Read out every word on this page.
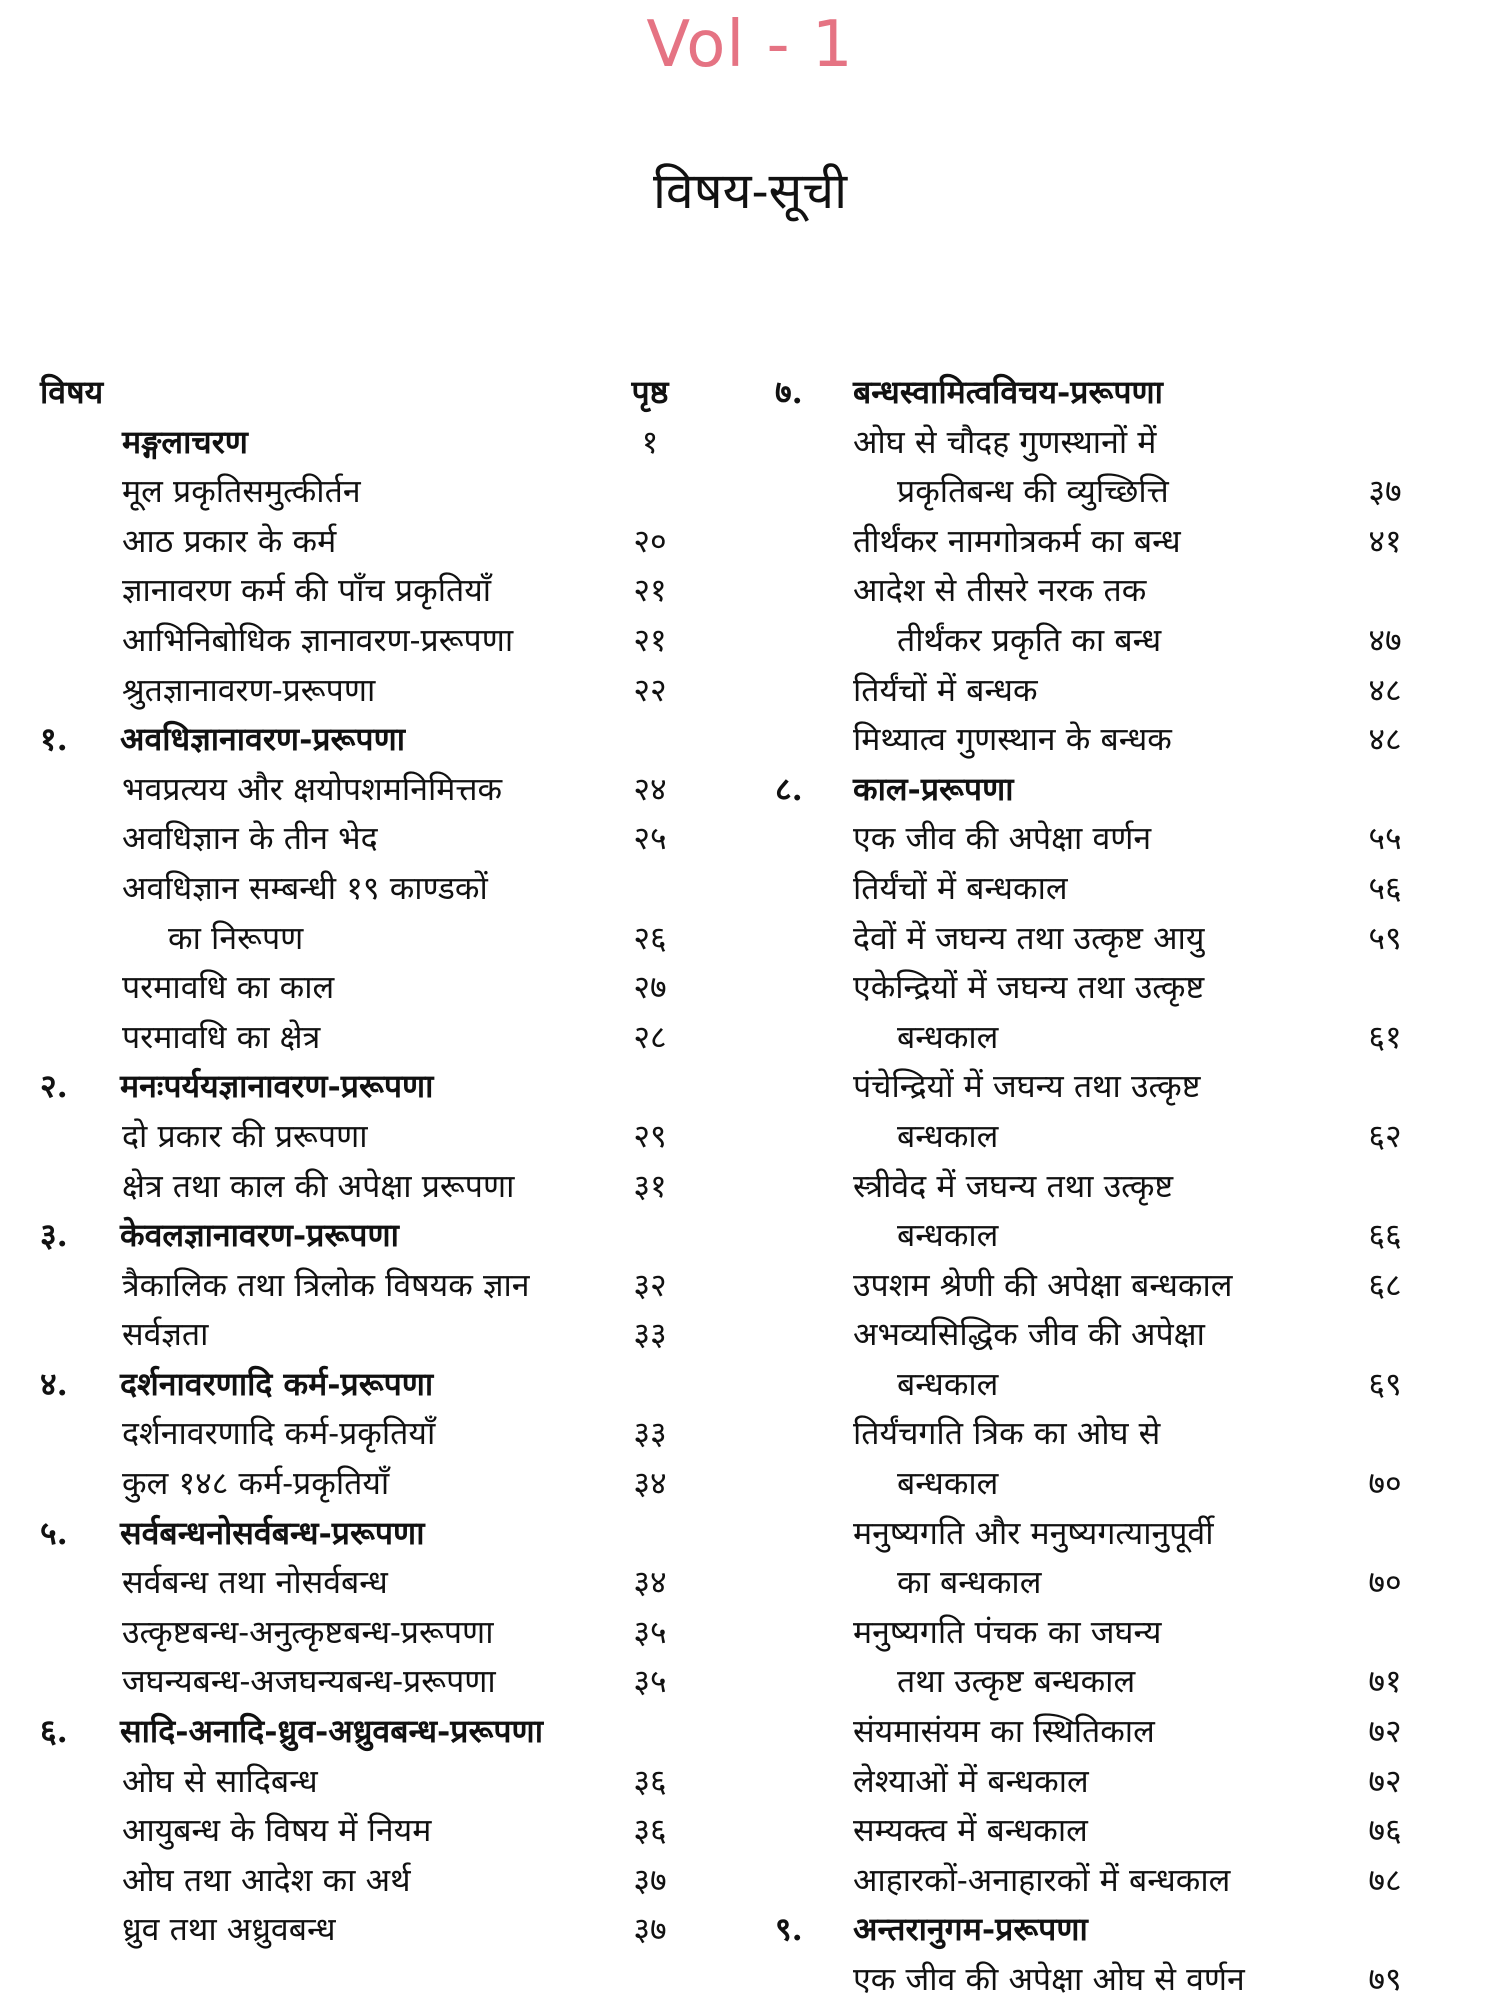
Vol - 1
विषय-सूची
विषय	पृष्ठ
मङ्गलाचरण	१
मूल प्रकृतिसमुत्कीर्तन
आठ प्रकार के कर्म	२०
ज्ञानावरण कर्म की पाँच प्रकृतियाँ	२१
आभिनिबोधिक ज्ञानावरण-प्ररूपणा	२१
श्रुतज्ञानावरण-प्ररूपणा	२२
१. अवधिज्ञानावरण-प्ररूपणा
भवप्रत्यय और क्षयोपशमनिमित्तक	२४
अवधिज्ञान के तीन भेद	२५
अवधिज्ञान सम्बन्धी १९ काण्डकों
का निरूपण	२६
परमावधि का काल	२७
परमावधि का क्षेत्र	२८
२. मनःपर्ययज्ञानावरण-प्ररूपणा
दो प्रकार की प्ररूपणा	२९
क्षेत्र तथा काल की अपेक्षा प्ररूपणा	३१
३. केवलज्ञानावरण-प्ररूपणा
त्रैकालिक तथा त्रिलोक विषयक ज्ञान	३२
सर्वज्ञता	३३
४. दर्शनावरणादि कर्म-प्ररूपणा
दर्शनावरणादि कर्म-प्रकृतियाँ	३३
कुल १४८ कर्म-प्रकृतियाँ	३४
५. सर्वबन्धनोसर्वबन्ध-प्ररूपणा
सर्वबन्ध तथा नोसर्वबन्ध	३४
उत्कृष्टबन्ध-अनुत्कृष्टबन्ध-प्ररूपणा	३५
जघन्यबन्ध-अजघन्यबन्ध-प्ररूपणा	३५
६. सादि-अनादि-ध्रुव-अध्रुवबन्ध-प्ररूपणा
ओघ से सादिबन्ध	३६
आयुबन्ध के विषय में नियम	३६
ओघ तथा आदेश का अर्थ	३७
ध्रुव तथा अध्रुवबन्ध	३७
७. बन्धस्वामित्वविचय-प्ररूपणा
ओघ से चौदह गुणस्थानों में
प्रकृतिबन्ध की व्युच्छित्ति	३७
तीर्थंकर नामगोत्रकर्म का बन्ध	४१
आदेश से तीसरे नरक तक
तीर्थंकर प्रकृति का बन्ध	४७
तिर्यंचों में बन्धक	४८
मिथ्यात्व गुणस्थान के बन्धक	४८
८. काल-प्ररूपणा
एक जीव की अपेक्षा वर्णन	५५
तिर्यंचों में बन्धकाल	५६
देवों में जघन्य तथा उत्कृष्ट आयु	५९
एकेन्द्रियों में जघन्य तथा उत्कृष्ट
बन्धकाल	६१
पंचेन्द्रियों में जघन्य तथा उत्कृष्ट
बन्धकाल	६२
स्त्रीवेद में जघन्य तथा उत्कृष्ट
बन्धकाल	६६
उपशम श्रेणी की अपेक्षा बन्धकाल	६८
अभव्यसिद्धिक जीव की अपेक्षा
बन्धकाल	६९
तिर्यंचगति त्रिक का ओघ से
बन्धकाल	७०
मनुष्यगति और मनुष्यगत्यानुपूर्वी
का बन्धकाल	७०
मनुष्यगति पंचक का जघन्य
तथा उत्कृष्ट बन्धकाल	७१
संयमासंयम का स्थितिकाल	७२
लेश्याओं में बन्धकाल	७२
सम्यक्त्व में बन्धकाल	७६
आहारकों-अनाहारकों में बन्धकाल	७८
९. अन्तरानुगम-प्ररूपणा
एक जीव की अपेक्षा ओघ से वर्णन	७९
